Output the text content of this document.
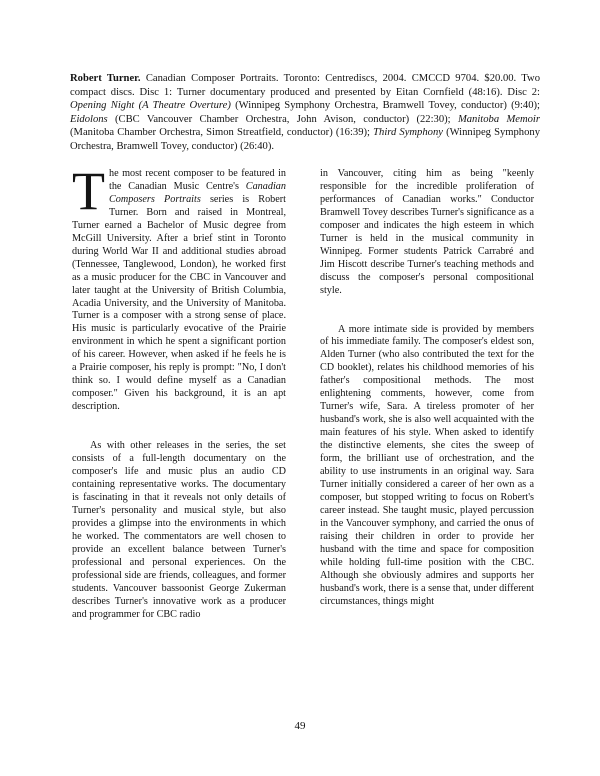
Robert Turner. Canadian Composer Portraits. Toronto: Centrediscs, 2004. CMCCD 9704. $20.00. Two compact discs. Disc 1: Turner documentary produced and presented by Eitan Cornfield (48:16). Disc 2: Opening Night (A Theatre Overture) (Winnipeg Symphony Orchestra, Bramwell Tovey, conductor) (9:40); Eidolons (CBC Vancouver Chamber Orchestra, John Avison, conductor) (22:30); Manitoba Memoir (Manitoba Chamber Orchestra, Simon Streatfield, conductor) (16:39); Third Symphony (Winnipeg Symphony Orchestra, Bramwell Tovey, conductor) (26:40).

The most recent composer to be featured in the Canadian Music Centre's Canadian Composers Portraits series is Robert Turner. Born and raised in Montreal, Turner earned a Bachelor of Music degree from McGill University. After a brief stint in Toronto during World War II and additional studies abroad (Tennessee, Tanglewood, London), he worked first as a music producer for the CBC in Vancouver and later taught at the University of British Columbia, Acadia University, and the University of Manitoba. Turner is a composer with a strong sense of place. His music is particularly evocative of the Prairie environment in which he spent a significant portion of his career. However, when asked if he feels he is a Prairie composer, his reply is prompt: "No, I don't think so. I would define myself as a Canadian composer." Given his background, it is an apt description.

As with other releases in the series, the set consists of a full-length documentary on the composer's life and music plus an audio CD containing representative works. The documentary is fascinating in that it reveals not only details of Turner's personality and musical style, but also provides a glimpse into the environments in which he worked. The commentators are well chosen to provide an excellent balance between Turner's professional and personal experiences. On the professional side are friends, colleagues, and former students. Vancouver bassoonist George Zukerman describes Turner's innovative work as a producer and programmer for CBC radio

in Vancouver, citing him as being "keenly responsible for the incredible proliferation of performances of Canadian works." Conductor Bramwell Tovey describes Turner's significance as a composer and indicates the high esteem in which Turner is held in the musical community in Winnipeg. Former students Patrick Carrabré and Jim Hiscott describe Turner's teaching methods and discuss the composer's personal compositional style.

A more intimate side is provided by members of his immediate family. The composer's eldest son, Alden Turner (who also contributed the text for the CD booklet), relates his childhood memories of his father's compositional methods. The most enlightening comments, however, come from Turner's wife, Sara. A tireless promoter of her husband's work, she is also well acquainted with the main features of his style. When asked to identify the distinctive elements, she cites the sweep of form, the brilliant use of orchestration, and the ability to use instruments in an original way. Sara Turner initially considered a career of her own as a composer, but stopped writing to focus on Robert's career instead. She taught music, played percussion in the Vancouver symphony, and carried the onus of raising their children in order to provide her husband with the time and space for composition while holding full-time position with the CBC. Although she obviously admires and supports her husband's work, there is a sense that, under different circumstances, things might

49
